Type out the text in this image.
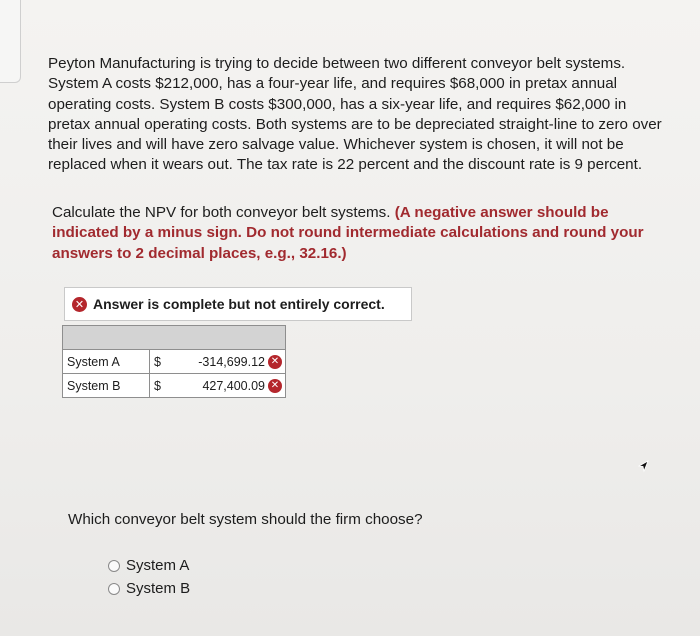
Peyton Manufacturing is trying to decide between two different conveyor belt systems. System A costs $212,000, has a four-year life, and requires $68,000 in pretax annual operating costs. System B costs $300,000, has a six-year life, and requires $62,000 in pretax annual operating costs. Both systems are to be depreciated straight-line to zero over their lives and will have zero salvage value. Whichever system is chosen, it will not be replaced when it wears out. The tax rate is 22 percent and the discount rate is 9 percent.

Calculate the NPV for both conveyor belt systems. (A negative answer should be indicated by a minus sign. Do not round intermediate calculations and round your answers to 2 decimal places, e.g., 32.16.)

✕ Answer is complete but not entirely correct.
System A	$	-314,699.12 ✕
System B	$	427,400.09 ✕

Which conveyor belt system should the firm choose?

System A
System B
